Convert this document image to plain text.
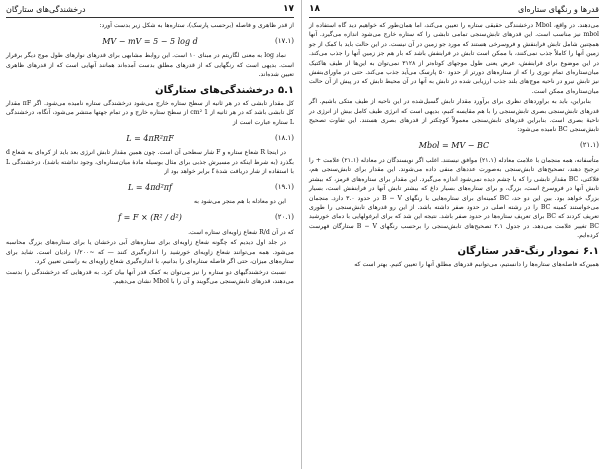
۱۷
درخشندگی‌های ستارگان

از قدر ظاهری و فاصله (برحسب پارسک)، ستاره‌ها به شکل زیر بدست آورد:

(۱۷.۱)
MV − mV = 5 − 5 log d

نماد log به معنی لگاریتم در مبنای ۱۰ است. این روابط مشابهی برای قدرهای نوارهای طول موج دیگر برقرار است. بدیهی است که رنگهایی که از قدرهای مطلق بدست آمده‌اند همانند آنهایی است که از قدرهای ظاهری تعیین شده‌اند.

۵.۱
درخشندگی‌های ستارگان

کل مقدار تابشی که در هر ثانیه از سطح ستاره خارج می‌شود درخشندگی ستاره نامیده می‌شود. اگر πF مقدار کل تابشی باشد که در هر ثانیه از 1 cm² از سطح ستاره خارج و در تمام جهتها منتشر می‌شود، آنگاه، درخشندگی L ستاره عبارت است از

(۱۸.۱)
L = 4πR²πF

در اینجا R شعاع ستاره و F شار سطحی آن است. چون همین مقدار تابش انرژی بعد باید از کره‌ای به شعاع d بگذرد (به شرط اینکه در مسیرش جذبی برای مثال بوسیله مادهٔ میان‌ستاره‌ای، وجود نداشته باشد)، درخشندگی L با استفاده از شار دریافت شدهٔ f برابر خواهد بود از

(۱۹.۱)
L = 4πd²πf

این دو معادله با هم منجر می‌شود به

(۲۰.۱)
f = F × (R² / d²)

که در آن R/d شعاع زاویه‌ای ستاره است.

در جلد اول دیدیم که چگونه شعاع زاویه‌ای برای ستاره‌های آبی درخشان یا برای ستاره‌های بزرگ محاسبه می‌شود. همه می‌توانند شعاع زاویه‌ای خورشید را اندازه‌گیری کنند — که ~۱/۲۰۰ رادیان است. شاید برای ستاره‌های میزان، حتی اگر فاصله ستاره‌ای را بدانیم، با اندازه‌گیری شعاع زاویه‌ای به راستی تعیین کرد.

نسبت درخشندگیهای دو ستاره را نیز می‌توان به کمک قدر آنها بیان کرد. به قدرهایی که درخشندگی را بدست می‌دهند، قدرهای تابش‌سنجی می‌گویند و آن را با Mbol نشان می‌دهیم.

قدرها و رنگهای ستاره‌ای
۱۸

می‌دهند. در واقع، Mbol درخشندگی حقیقی ستاره را تعیین می‌کند، اما همان‌طور که خواهیم دید گاه استفاده از mbol نیز مناسب است. این قدرهای تابش‌سنجی تمامی تابشی را که ستاره خارج می‌شود اندازه می‌گیرد. آنها همچنین شامل تابش فرابنفش و فروسرخی هستند که مورد جو زمین در آن نیست. در این حالت باید با کمک از جو زمین آنها را کاملاً جذب نمی‌کنند، با ممکن است تابش در فرابنفش باشد که بار هم جز زمین آنها را جذب می‌کند. در این موضوع برای فرابنفش، عرض یعنی طول موجهای کوتاه‌تر از ۳۱۲۸ نمی‌توان به این‌ها از طیف هاکتیک میان‌ستاره‌ای تمام نوری را که از ستاره‌های دورتر از حدود ۵۰ پارسک می‌آید جذب می‌کند. حتی در ماورای‌بنفش نیز تابش نیرو در ناحیه موج‌های بلند جذب ارزیابی شده در تابش به آنها در آن محیط تابش که در پیش از آن حالت میان‌ستاره‌ای ممکن است.

بنابراین، باید به براوردهای نظری برای برآورد مقدار تابش گسیل‌شده در این ناحیه از طیف متکی باشیم. اگر قدرهای تابش‌سنجی بصری تابش‌سنجی را با هم مقایسه کنیم، بدیهی است که انرژی طیف کامل بیش از انرژی در ناحیهٔ بصری است. بنابراین قدرهای تابش‌سنجی معمولاً کوچکتر از قدرهای بصری هستند. این تفاوت تصحیح تابش‌سنجی BC نامیده می‌شود:

(۲۱.۱)
Mbol = MV − BC

متأسفانه، همه منجمان با علامت معادله (۲۱.۱) موافق نیستند. اغلب اگر نویسندگان در معادله (۲۱.۱) علامت + را ترجیح دهند، تصحیح‌های تابش‌سنجی به‌صورت عددهای منفی داده می‌شوند. این مقدار برای تابش‌سنجی هم، فلاکتی، BC مقدار تابشی را که با چشم دیده نمی‌شود اندازه می‌گیرد. این مقدار برای ستاره‌های قرمز، که بیشتر تابش آنها در فروسرخ است، بزرگ، و برای ستاره‌های بسیار داغ که بیشتر تابش آنها در فرابنفش است، بسیار بزرگ خواهد بود. بین این دو حد، BC کمینه‌ای برای ستاره‌هایی با رنگهای B − V در حدود ۳.۰ دارد. منجمان می‌خواستند کمینه BC را در رشته اصلی در حدود صفر داشته باشد. از این رو قدرهای تابش‌سنجی را طوری تعریف کردند که BC برای تعریف ستاره‌ها در حدود صفر باشد. نتیجه این شد که برای ابرغولهایی با دمای خورشید BC تغییر علامت می‌دهد. در جدول ۲.۱ تصحیح‌های تابش‌سنجی را برحسب رنگهای B − V ستارگان فهرست کرده‌ایم.

۶.۱
نمودار رنگ-قدر ستارگان

همین‌که فاصله‌های ستاره‌ها را دانستیم، می‌توانیم قدرهای مطلق آنها را تعیین کنیم. بهتر است که
